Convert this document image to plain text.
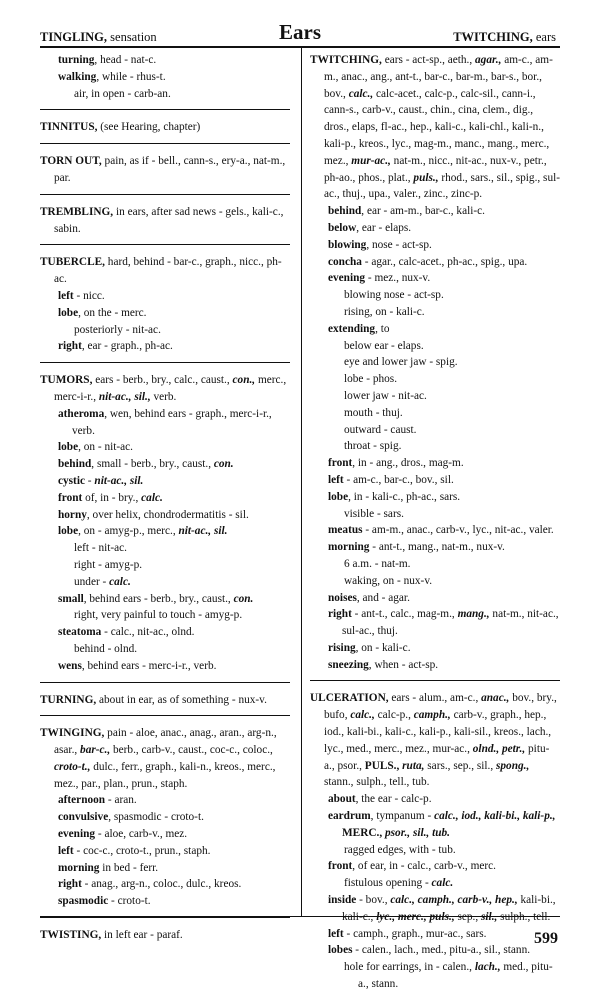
TINGLING, sensation	Ears	TWITCHING, ears
turning, head - nat-c.
walking, while - rhus-t.
air, in open - carb-an.
TINNITUS, (see Hearing, chapter)
TORN OUT, pain, as if - bell., cann-s., ery-a., nat-m., par.
TREMBLING, in ears, after sad news - gels., kali-c., sabin.
TUBERCLE, hard, behind - bar-c., graph., nicc., ph-ac.
left - nicc.
lobe, on the - merc.
posteriorly - nit-ac.
right, ear - graph., ph-ac.
TUMORS, ears - berb., bry., calc., caust., con., merc., merc-i-r., nit-ac., sil., verb.
atheroma, wen, behind ears - graph., merc-i-r., verb.
lobe, on - nit-ac.
behind, small - berb., bry., caust., con.
cystic - nit-ac., sil.
front of, in - bry., calc.
horny, over helix, chondrodermatitis - sil.
lobe, on - amyg-p., merc., nit-ac., sil.
left - nit-ac.
right - amyg-p.
under - calc.
small, behind ears - berb., bry., caust., con.
right, very painful to touch - amyg-p.
steatoma - calc., nit-ac., olnd.
behind - olnd.
wens, behind ears - merc-i-r., verb.
TURNING, about in ear, as of something - nux-v.
TWINGING, pain - aloe, anac., anag., aran., arg-n., asar., bar-c., berb., carb-v., caust., coc-c., coloc., croto-t., dulc., ferr., graph., kali-n., kreos., merc., mez., par., plan., prun., staph.
afternoon - aran.
convulsive, spasmodic - croto-t.
evening - aloe, carb-v., mez.
left - coc-c., croto-t., prun., staph.
morning in bed - ferr.
right - anag., arg-n., coloc., dulc., kreos.
spasmodic - croto-t.
TWISTING, in left ear - paraf.
TWITCHING, ears - act-sp., aeth., agar., am-c., am-m., anac., ang., ant-t., bar-c., bar-m., bar-s., bor., bov., calc., calc-acet., calc-p., calc-sil., cann-i., cann-s., carb-v., caust., chin., cina, clem., dig., dros., elaps, fl-ac., hep., kali-c., kali-chl., kali-n., kali-p., kreos., lyc., mag-m., manc., mang., merc., mez., mur-ac., nat-m., nicc., nit-ac., nux-v., petr., ph-ao., phos., plat., puls., rhod., sars., sil., spig., sul-ac., thuj., upa., valer., zinc., zinc-p.
behind, ear - am-m., bar-c., kali-c.
below, ear - elaps.
blowing, nose - act-sp.
concha - agar., calc-acet., ph-ac., spig., upa.
evening - mez., nux-v.
blowing nose - act-sp.
rising, on - kali-c.
extending, to
below ear - elaps.
eye and lower jaw - spig.
lobe - phos.
lower jaw - nit-ac.
mouth - thuj.
outward - caust.
throat - spig.
front, in - ang., dros., mag-m.
left - am-c., bar-c., bov., sil.
lobe, in - kali-c., ph-ac., sars.
visible - sars.
meatus - am-m., anac., carb-v., lyc., nit-ac., valer.
morning - ant-t., mang., nat-m., nux-v.
6 a.m. - nat-m.
waking, on - nux-v.
noises, and - agar.
right - ant-t., calc., mag-m., mang., nat-m., nit-ac., sul-ac., thuj.
rising, on - kali-c.
sneezing, when - act-sp.
ULCERATION, ears - alum., am-c., anac., bov., bry., bufo, calc., calc-p., camph., carb-v., graph., hep., iod., kali-bi., kali-c., kali-p., kali-sil., kreos., lach., lyc., med., merc., mez., mur-ac., olnd., petr., pitu-a., psor., PULS., ruta, sars., sep., sil., spong., stann., sulph., tell., tub.
about, the ear - calc-p.
eardrum, tympanum - calc., iod., kali-bi., kali-p., MERC., psor., sil., tub.
ragged edges, with - tub.
front, of ear, in - calc., carb-v., merc.
fistulous opening - calc.
inside - bov., calc., camph., carb-v., hep., kali-bi., kali-c., lyc., merc., puls., sep., sil., sulph., tell.
left - camph., graph., mur-ac., sars.
lobes - calen., lach., med., pitu-a., sil., stann.
hole for earrings, in - calen., lach., med., pitu-a., stann.
599
